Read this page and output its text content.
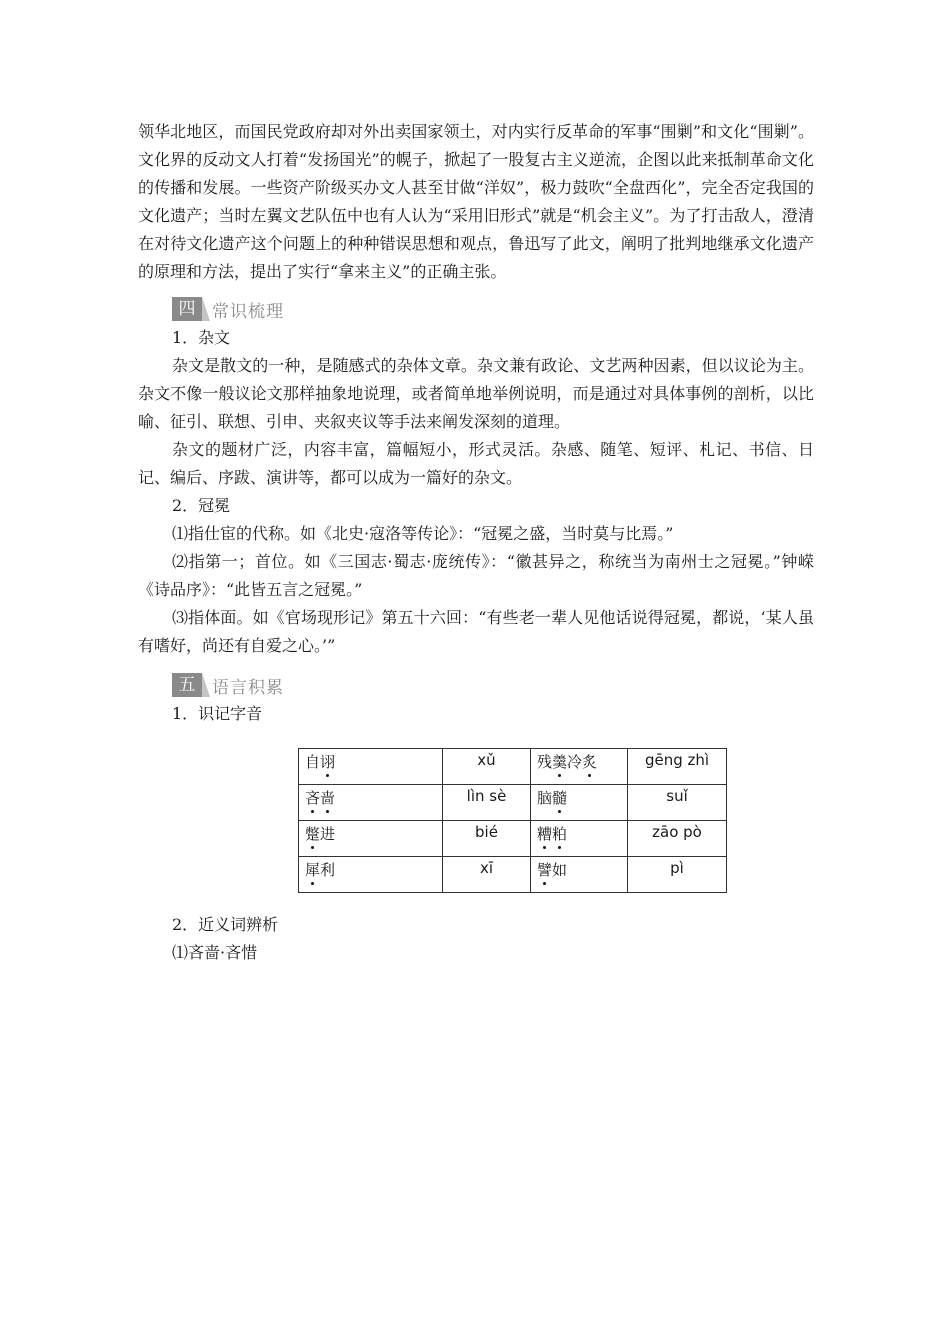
领华北地区，而国民党政府却对外出卖国家领土，对内实行反革命的军事“围剿”和文化“围剿”。文化界的反动文人打着“发扬国光”的幌子，掀起了一股复古主义逆流，企图以此来抵制革命文化的传播和发展。一些资产阶级买办文人甚至甘做“洋奴”，极力鼓吹“全盘西化”，完全否定我国的文化遗产；当时左翼文艺队伍中也有人认为“采用旧形式”就是“机会主义”。为了打击敌人，澄清在对待文化遗产这个问题上的种种错误思想和观点，鲁迅写了此文，阐明了批判地继承文化遗产的原理和方法，提出了实行“拿来主义”的正确主张。

四 常识梳理

1．杂文

杂文是散文的一种，是随感式的杂体文章。杂文兼有政论、文艺两种因素，但以议论为主。杂文不像一般议论文那样抽象地说理，或者简单地举例说明，而是通过对具体事例的剖析，以比喻、征引、联想、引申、夹叙夹议等手法来阐发深刻的道理。

杂文的题材广泛，内容丰富，篇幅短小，形式灵活。杂感、随笔、短评、札记、书信、日记、编后、序跋、演讲等，都可以成为一篇好的杂文。

2．冠冕

⑴指仕宦的代称。如《北史·寇洛等传论》：“冠冕之盛，当时莫与比焉。”

⑵指第一；首位。如《三国志·蜀志·庞统传》：“徽甚异之，称统当为南州士之冠冕。”钟嵘《诗品序》：“此皆五言之冠冕。”

⑶指体面。如《官场现形记》第五十六回：“有些老一辈人见他话说得冠冕，都说，‘某人虽有嗜好，尚还有自爱之心。’”

五 语言积累

1．识记字音

自诩	xǔ	残羹冷炙	gēng zhì
吝啬	lìn sè	脑髓	suǐ
蹩进	bié	糟粕	zāo pò
犀利	xī	譬如	pì

2．近义词辨析

⑴吝啬·吝惜
